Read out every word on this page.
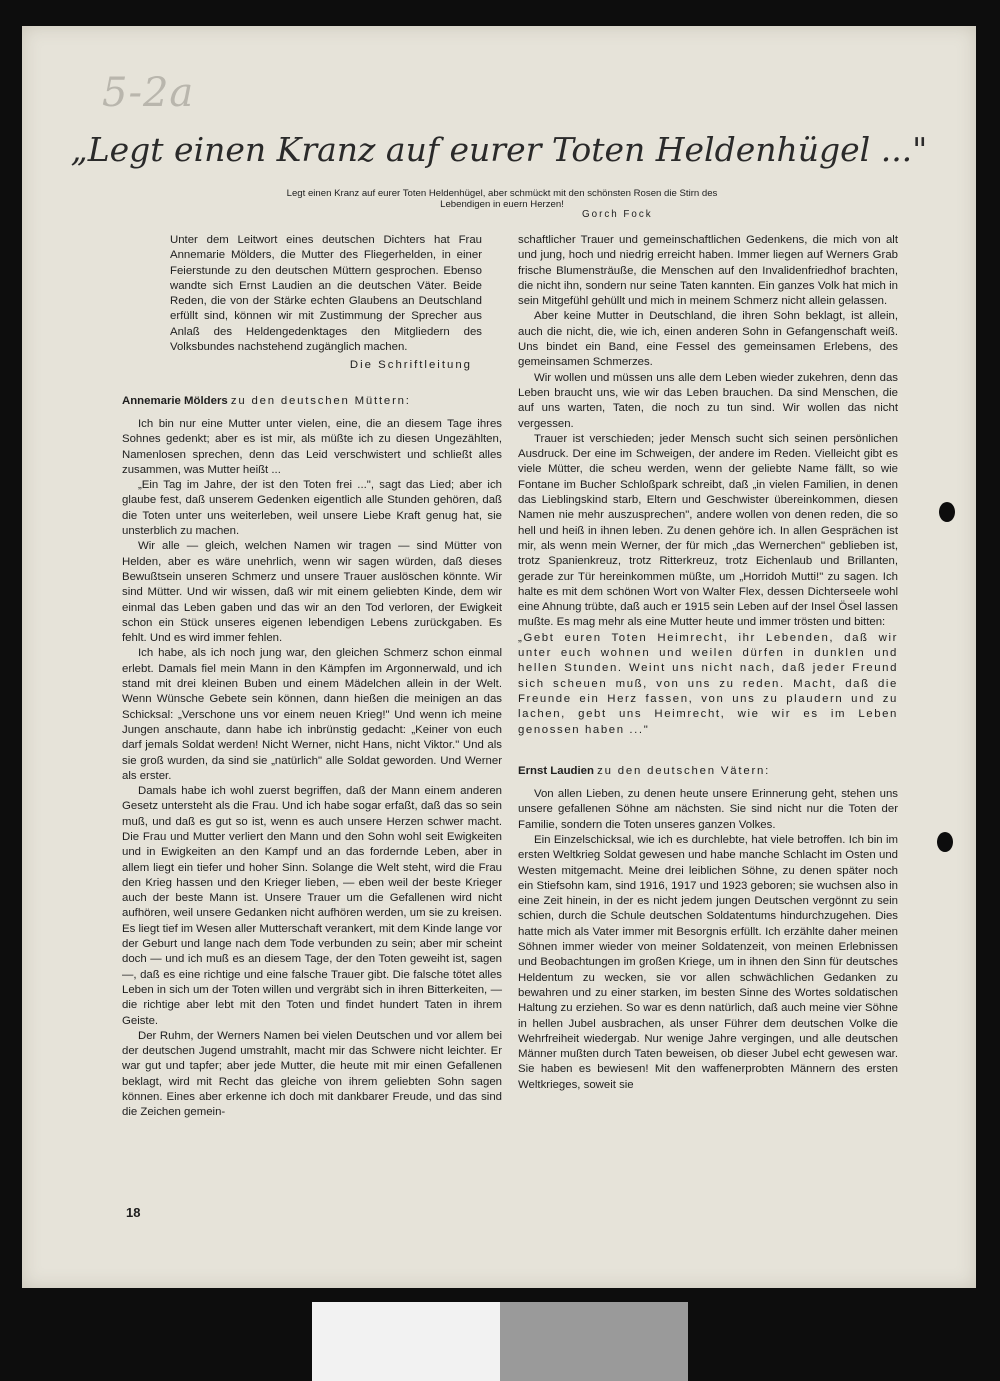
5-2a
„Legt einen Kranz auf eurer Toten Heldenhügel ..."
Legt einen Kranz auf eurer Toten Heldenhügel, aber schmückt mit den schönsten Rosen die Stirn des Lebendigen in euern Herzen!
Gorch Fock

Unter dem Leitwort eines deutschen Dichters hat Frau Annemarie Mölders, die Mutter des Fliegerhelden, in einer Feierstunde zu den deutschen Müttern gesprochen. Ebenso wandte sich Ernst Laudien an die deutschen Väter. Beide Reden, die von der Stärke echten Glaubens an Deutschland erfüllt sind, können wir mit Zustimmung der Sprecher aus Anlaß des Heldengedenktages den Mitgliedern des Volksbundes nachstehend zugänglich machen.

Die Schriftleitung
Annemarie Mölders zu den deutschen Müttern:

Ich bin nur eine Mutter unter vielen, eine, die an diesem Tage ihres Sohnes gedenkt; aber es ist mir, als müßte ich zu diesen Ungezählten, Namenlosen sprechen, denn das Leid verschwistert und schließt alles zusammen, was Mutter heißt ...

„Ein Tag im Jahre, der ist den Toten frei ...", sagt das Lied; aber ich glaube fest, daß unserem Gedenken eigentlich alle Stunden gehören, daß die Toten unter uns weiterleben, weil unsere Liebe Kraft genug hat, sie unsterblich zu machen.

Wir alle — gleich, welchen Namen wir tragen — sind Mütter von Helden, aber es wäre unehrlich, wenn wir sagen würden, daß dieses Bewußtsein unseren Schmerz und unsere Trauer auslöschen könnte. Wir sind Mütter. Und wir wissen, daß wir mit einem geliebten Kinde, dem wir einmal das Leben gaben und das wir an den Tod verloren, der Ewigkeit schon ein Stück unseres eigenen lebendigen Lebens zurückgaben. Es fehlt. Und es wird immer fehlen.

Ich habe, als ich noch jung war, den gleichen Schmerz schon einmal erlebt. Damals fiel mein Mann in den Kämpfen im Argonnerwald, und ich stand mit drei kleinen Buben und einem Mädelchen allein in der Welt. Wenn Wünsche Gebete sein können, dann hießen die meinigen an das Schicksal: „Verschone uns vor einem neuen Krieg!" Und wenn ich meine Jungen anschaute, dann habe ich inbrünstig gedacht: „Keiner von euch darf jemals Soldat werden! Nicht Werner, nicht Hans, nicht Viktor." Und als sie groß wurden, da sind sie „natürlich" alle Soldat geworden. Und Werner als erster.

Damals habe ich wohl zuerst begriffen, daß der Mann einem anderen Gesetz untersteht als die Frau. Und ich habe sogar erfaßt, daß das so sein muß, und daß es gut so ist, wenn es auch unsere Herzen schwer macht. Die Frau und Mutter verliert den Mann und den Sohn wohl seit Ewigkeiten und in Ewigkeiten an den Kampf und an das fordernde Leben, aber in allem liegt ein tiefer und hoher Sinn. Solange die Welt steht, wird die Frau den Krieg hassen und den Krieger lieben, — eben weil der beste Krieger auch der beste Mann ist. Unsere Trauer um die Gefallenen wird nicht aufhören, weil unsere Gedanken nicht aufhören werden, um sie zu kreisen. Es liegt tief im Wesen aller Mutterschaft verankert, mit dem Kinde lange vor der Geburt und lange nach dem Tode verbunden zu sein; aber mir scheint doch — und ich muß es an diesem Tage, der den Toten geweiht ist, sagen —, daß es eine richtige und eine falsche Trauer gibt. Die falsche tötet alles Leben in sich um der Toten willen und vergräbt sich in ihren Bitterkeiten, — die richtige aber lebt mit den Toten und findet hundert Taten in ihrem Geiste.

Der Ruhm, der Werners Namen bei vielen Deutschen und vor allem bei der deutschen Jugend umstrahlt, macht mir das Schwere nicht leichter. Er war gut und tapfer; aber jede Mutter, die heute mit mir einen Gefallenen beklagt, wird mit Recht das gleiche von ihrem geliebten Sohn sagen können. Eines aber erkenne ich doch mit dankbarer Freude, und das sind die Zeichen gemein-

schaftlicher Trauer und gemeinschaftlichen Gedenkens, die mich von alt und jung, hoch und niedrig erreicht haben. Immer liegen auf Werners Grab frische Blumensträuße, die Menschen auf den Invalidenfriedhof brachten, die nicht ihn, sondern nur seine Taten kannten. Ein ganzes Volk hat mich in sein Mitgefühl gehüllt und mich in meinem Schmerz nicht allein gelassen.

Aber keine Mutter in Deutschland, die ihren Sohn beklagt, ist allein, auch die nicht, die, wie ich, einen anderen Sohn in Gefangenschaft weiß. Uns bindet ein Band, eine Fessel des gemeinsamen Erlebens, des gemeinsamen Schmerzes.

Wir wollen und müssen uns alle dem Leben wieder zukehren, denn das Leben braucht uns, wie wir das Leben brauchen. Da sind Menschen, die auf uns warten, Taten, die noch zu tun sind. Wir wollen das nicht vergessen.

Trauer ist verschieden; jeder Mensch sucht sich seinen persönlichen Ausdruck. Der eine im Schweigen, der andere im Reden. Vielleicht gibt es viele Mütter, die scheu werden, wenn der geliebte Name fällt, so wie Fontane im Bucher Schloßpark schreibt, daß „in vielen Familien, in denen das Lieblingskind starb, Eltern und Geschwister übereinkommen, diesen Namen nie mehr auszusprechen", andere wollen von denen reden, die so hell und heiß in ihnen leben. Zu denen gehöre ich. In allen Gesprächen ist mir, als wenn mein Werner, der für mich „das Wernerchen" geblieben ist, trotz Spanienkreuz, trotz Ritterkreuz, trotz Eichenlaub und Brillanten, gerade zur Tür hereinkommen müßte, um „Horridoh Mutti!" zu sagen. Ich halte es mit dem schönen Wort von Walter Flex, dessen Dichterseele wohl eine Ahnung trübte, daß auch er 1915 sein Leben auf der Insel Ösel lassen mußte. Es mag mehr als eine Mutter heute und immer trösten und bitten:

„Gebt euren Toten Heimrecht, ihr Lebenden, daß wir unter euch wohnen und weilen dürfen in dunklen und hellen Stunden. Weint uns nicht nach, daß jeder Freund sich scheuen muß, von uns zu reden. Macht, daß die Freunde ein Herz fassen, von uns zu plaudern und zu lachen, gebt uns Heimrecht, wie wir es im Leben genossen haben ..."

Ernst Laudien zu den deutschen Vätern:

Von allen Lieben, zu denen heute unsere Erinnerung geht, stehen uns unsere gefallenen Söhne am nächsten. Sie sind nicht nur die Toten der Familie, sondern die Toten unseres ganzen Volkes.

Ein Einzelschicksal, wie ich es durchlebte, hat viele betroffen. Ich bin im ersten Weltkrieg Soldat gewesen und habe manche Schlacht im Osten und Westen mitgemacht. Meine drei leiblichen Söhne, zu denen später noch ein Stiefsohn kam, sind 1916, 1917 und 1923 geboren; sie wuchsen also in eine Zeit hinein, in der es nicht jedem jungen Deutschen vergönnt zu sein schien, durch die Schule deutschen Soldatentums hindurchzugehen. Dies hatte mich als Vater immer mit Besorgnis erfüllt. Ich erzählte daher meinen Söhnen immer wieder von meiner Soldatenzeit, von meinen Erlebnissen und Beobachtungen im großen Kriege, um in ihnen den Sinn für deutsches Heldentum zu wecken, sie vor allen schwächlichen Gedanken zu bewahren und zu einer starken, im besten Sinne des Wortes soldatischen Haltung zu erziehen. So war es denn natürlich, daß auch meine vier Söhne in hellen Jubel ausbrachen, als unser Führer dem deutschen Volke die Wehrfreiheit wiedergab. Nur wenige Jahre vergingen, und alle deutschen Männer mußten durch Taten beweisen, ob dieser Jubel echt gewesen war. Sie haben es bewiesen! Mit den waffenerprobten Männern des ersten Weltkrieges, soweit sie

18
